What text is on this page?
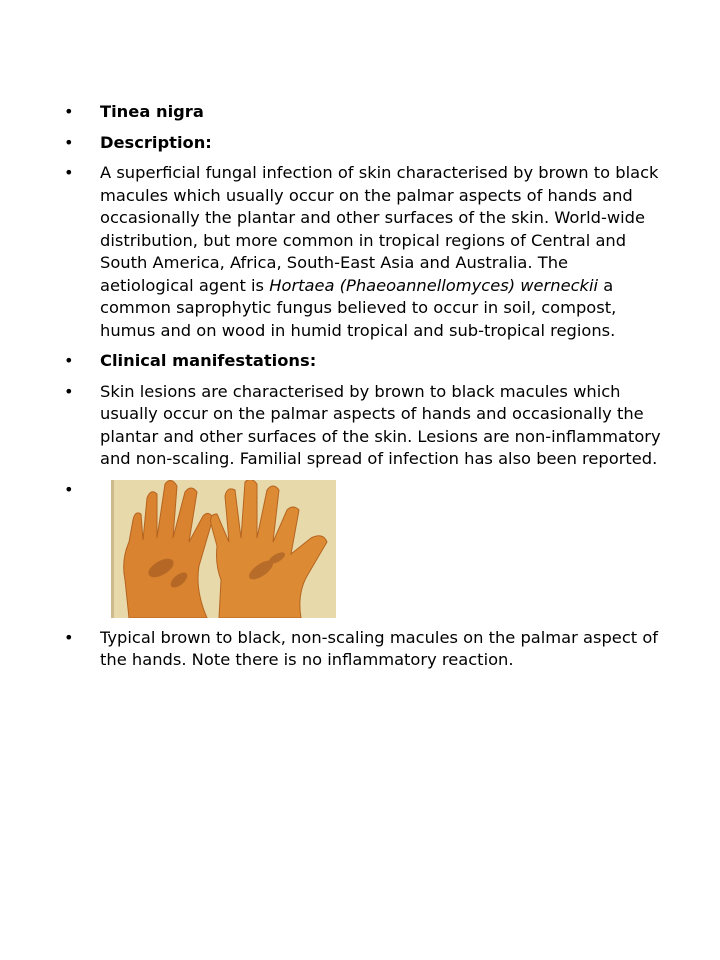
• Tinea nigra
• Description:
• A superficial fungal infection of skin characterised by brown to black macules which usually occur on the palmar aspects of hands and occasionally the plantar and other surfaces of the skin. World-wide distribution, but more common in tropical regions of Central and South America, Africa, South-East Asia and Australia. The aetiological agent is Hortaea (Phaeoannellomyces) werneckii a common saprophytic fungus believed to occur in soil, compost, humus and on wood in humid tropical and sub-tropical regions.
• Clinical manifestations:
• Skin lesions are characterised by brown to black macules which usually occur on the palmar aspects of hands and occasionally the plantar and other surfaces of the skin. Lesions are non-inflammatory and non-scaling. Familial spread of infection has also been reported.
•
• Typical brown to black, non-scaling macules on the palmar aspect of the hands. Note there is no inflammatory reaction.
